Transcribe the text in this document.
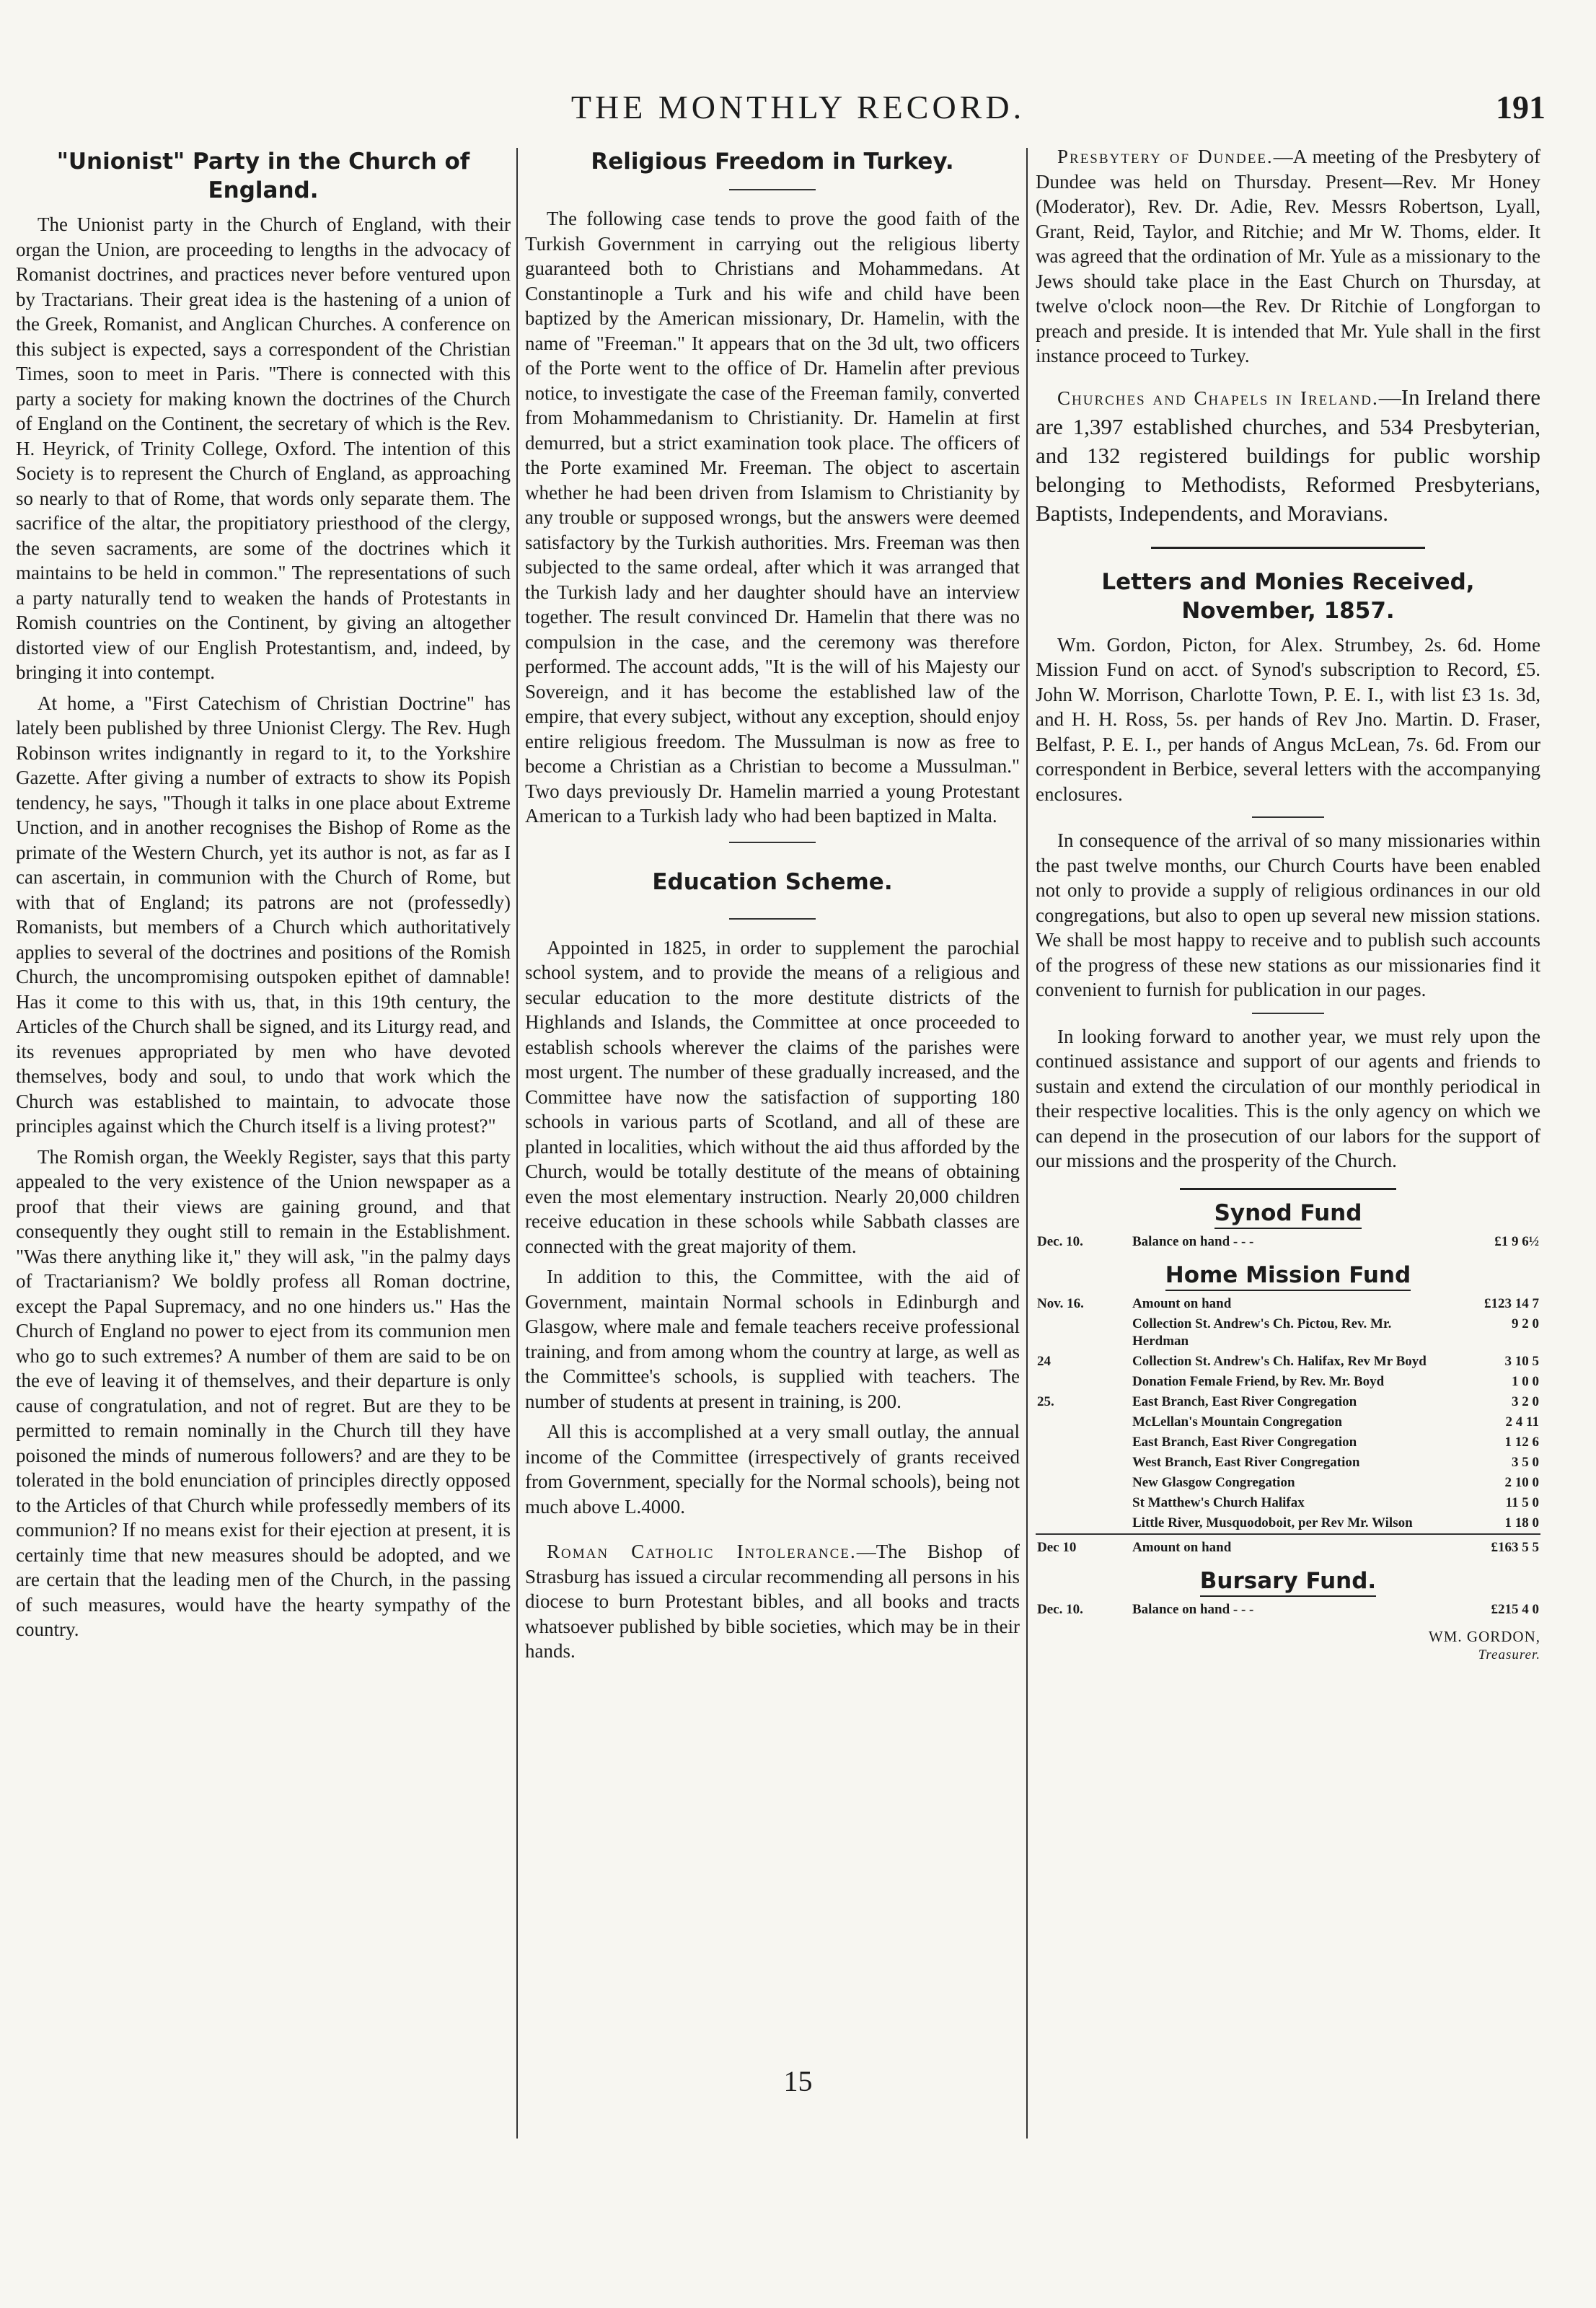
THE MONTHLY RECORD.	191
"Unionist" Party in the Church of England.

The Unionist party in the Church of England, with their organ the Union, are proceeding to lengths in the advocacy of Romanist doctrines, and practices never before ventured upon by Tractarians. Their great idea is the hastening of a union of the Greek, Romanist, and Anglican Churches. A conference on this subject is expected, says a correspondent of the Christian Times, soon to meet in Paris. "There is connected with this party a society for making known the doctrines of the Church of England on the Continent, the secretary of which is the Rev. H. Heyrick, of Trinity College, Oxford. The intention of this Society is to represent the Church of England, as approaching so nearly to that of Rome, that words only separate them. The sacrifice of the altar, the propitiatory priesthood of the clergy, the seven sacraments, are some of the doctrines which it maintains to be held in common." The representations of such a party naturally tend to weaken the hands of Protestants in Romish countries on the Continent, by giving an altogether distorted view of our English Protestantism, and, indeed, by bringing it into contempt.

At home, a "First Catechism of Christian Doctrine" has lately been published by three Unionist Clergy. The Rev. Hugh Robinson writes indignantly in regard to it, to the Yorkshire Gazette. After giving a number of extracts to show its Popish tendency, he says, "Though it talks in one place about Extreme Unction, and in another recognises the Bishop of Rome as the primate of the Western Church, yet its author is not, as far as I can ascertain, in communion with the Church of Rome, but with that of England; its patrons are not (professedly) Romanists, but members of a Church which authoritatively applies to several of the doctrines and positions of the Romish Church, the uncompromising outspoken epithet of damnable! Has it come to this with us, that, in this 19th century, the Articles of the Church shall be signed, and its Liturgy read, and its revenues appropriated by men who have devoted themselves, body and soul, to undo that work which the Church was established to maintain, to advocate those principles against which the Church itself is a living protest?"

The Romish organ, the Weekly Register, says that this party appealed to the very existence of the Union newspaper as a proof that their views are gaining ground, and that consequently they ought still to remain in the Establishment. "Was there anything like it," they will ask, "in the palmy days of Tractarianism? We boldly profess all Roman doctrine, except the Papal Supremacy, and no one hinders us." Has the Church of England no power to eject from its communion men who go to such extremes? A number of them are said to be on the eve of leaving it of themselves, and their departure is only cause of congratulation, and not of regret. But are they to be permitted to remain nominally in the Church till they have poisoned the minds of numerous followers? and are they to be tolerated in the bold enunciation of principles directly opposed to the Articles of that Church while professedly members of its communion? If no means exist for their ejection at present, it is certainly time that new measures should be adopted, and we are certain that the leading men of the Church, in the passing of such measures, would have the hearty sympathy of the country.

Religious Freedom in Turkey.

The following case tends to prove the good faith of the Turkish Government in carrying out the religious liberty guaranteed both to Christians and Mohammedans. At Constantinople a Turk and his wife and child have been baptized by the American missionary, Dr. Hamelin, with the name of "Freeman." It appears that on the 3d ult, two officers of the Porte went to the office of Dr. Hamelin after previous notice, to investigate the case of the Freeman family, converted from Mohammedanism to Christianity. Dr. Hamelin at first demurred, but a strict examination took place. The officers of the Porte examined Mr. Freeman. The object to ascertain whether he had been driven from Islamism to Christianity by any trouble or supposed wrongs, but the answers were deemed satisfactory by the Turkish authorities. Mrs. Freeman was then subjected to the same ordeal, after which it was arranged that the Turkish lady and her daughter should have an interview together. The result convinced Dr. Hamelin that there was no compulsion in the case, and the ceremony was therefore performed. The account adds, "It is the will of his Majesty our Sovereign, and it has become the established law of the empire, that every subject, without any exception, should enjoy entire religious freedom. The Mussulman is now as free to become a Christian as a Christian to become a Mussulman." Two days previously Dr. Hamelin married a young Protestant American to a Turkish lady who had been baptized in Malta.

Education Scheme.

Appointed in 1825, in order to supplement the parochial school system, and to provide the means of a religious and secular education to the more destitute districts of the Highlands and Islands, the Committee at once proceeded to establish schools wherever the claims of the parishes were most urgent. The number of these gradually increased, and the Committee have now the satisfaction of supporting 180 schools in various parts of Scotland, and all of these are planted in localities, which without the aid thus afforded by the Church, would be totally destitute of the means of obtaining even the most elementary instruction. Nearly 20,000 children receive education in these schools while Sabbath classes are connected with the great majority of them.

In addition to this, the Committee, with the aid of Government, maintain Normal schools in Edinburgh and Glasgow, where male and female teachers receive professional training, and from among whom the country at large, as well as the Committee's schools, is supplied with teachers. The number of students at present in training, is 200.

All this is accomplished at a very small outlay, the annual income of the Committee (irrespectively of grants received from Government, specially for the Normal schools), being not much above L.4000.

Roman Catholic Intolerance.—The Bishop of Strasburg has issued a circular recommending all persons in his diocese to burn Protestant bibles, and all books and tracts whatsoever published by bible societies, which may be in their hands.

Presbytery of Dundee.—A meeting of the Presbytery of Dundee was held on Thursday. Present—Rev. Mr Honey (Moderator), Rev. Dr. Adie, Rev. Messrs Robertson, Lyall, Grant, Reid, Taylor, and Ritchie; and Mr W. Thoms, elder. It was agreed that the ordination of Mr. Yule as a missionary to the Jews should take place in the East Church on Thursday, at twelve o'clock noon—the Rev. Dr Ritchie of Longforgan to preach and preside. It is intended that Mr. Yule shall in the first instance proceed to Turkey.

Churches and Chapels in Ireland.—In Ireland there are 1,397 established churches, and 534 Presbyterian, and 132 registered buildings for public worship belonging to Methodists, Reformed Presbyterians, Baptists, Independents, and Moravians.

Letters and Monies Received, November, 1857.

Wm. Gordon, Picton, for Alex. Strumbey, 2s. 6d. Home Mission Fund on acct. of Synod's subscription to Record, £5. John W. Morrison, Charlotte Town, P. E. I., with list £3 1s. 3d, and H. H. Ross, 5s. per hands of Rev Jno. Martin. D. Fraser, Belfast, P. E. I., per hands of Angus McLean, 7s. 6d. From our correspondent in Berbice, several letters with the accompanying enclosures.

In consequence of the arrival of so many missionaries within the past twelve months, our Church Courts have been enabled not only to provide a supply of religious ordinances in our old congregations, but also to open up several new mission stations. We shall be most happy to receive and to publish such accounts of the progress of these new stations as our missionaries find it convenient to furnish for publication in our pages.

In looking forward to another year, we must rely upon the continued assistance and support of our agents and friends to sustain and extend the circulation of our monthly periodical in their respective localities. This is the only agency on which we can depend in the prosecution of our labors for the support of our missions and the prosperity of the Church.

Synod Fund
Dec. 10.	Balance on hand - - -	£1 9 6½
Home Mission Fund
Nov. 16.	Amount on hand	£123 14 7
	Collection St. Andrew's Ch. Pictou, Rev. Mr. Herdman	9 2 0
24	Collection St. Andrew's Ch. Halifax, Rev Mr Boyd	3 10 5
	Donation Female Friend, by Rev. Mr. Boyd	1 0 0
25.	East Branch, East River Congregation	3 2 0
	McLellan's Mountain Congregation	2 4 11
	East Branch, East River Congregation	1 12 6
	West Branch, East River Congregation	3 5 0
	New Glasgow Congregation	2 10 0
	St Matthew's Church Halifax	11 5 0
	Little River, Musquodoboit, per Rev Mr. Wilson	1 18 0
Dec 10	Amount on hand	£163 5 5
Bursary Fund.
Dec. 10.	Balance on hand - - -	£215 4 0
WM. GORDON,
Treasurer.
15
